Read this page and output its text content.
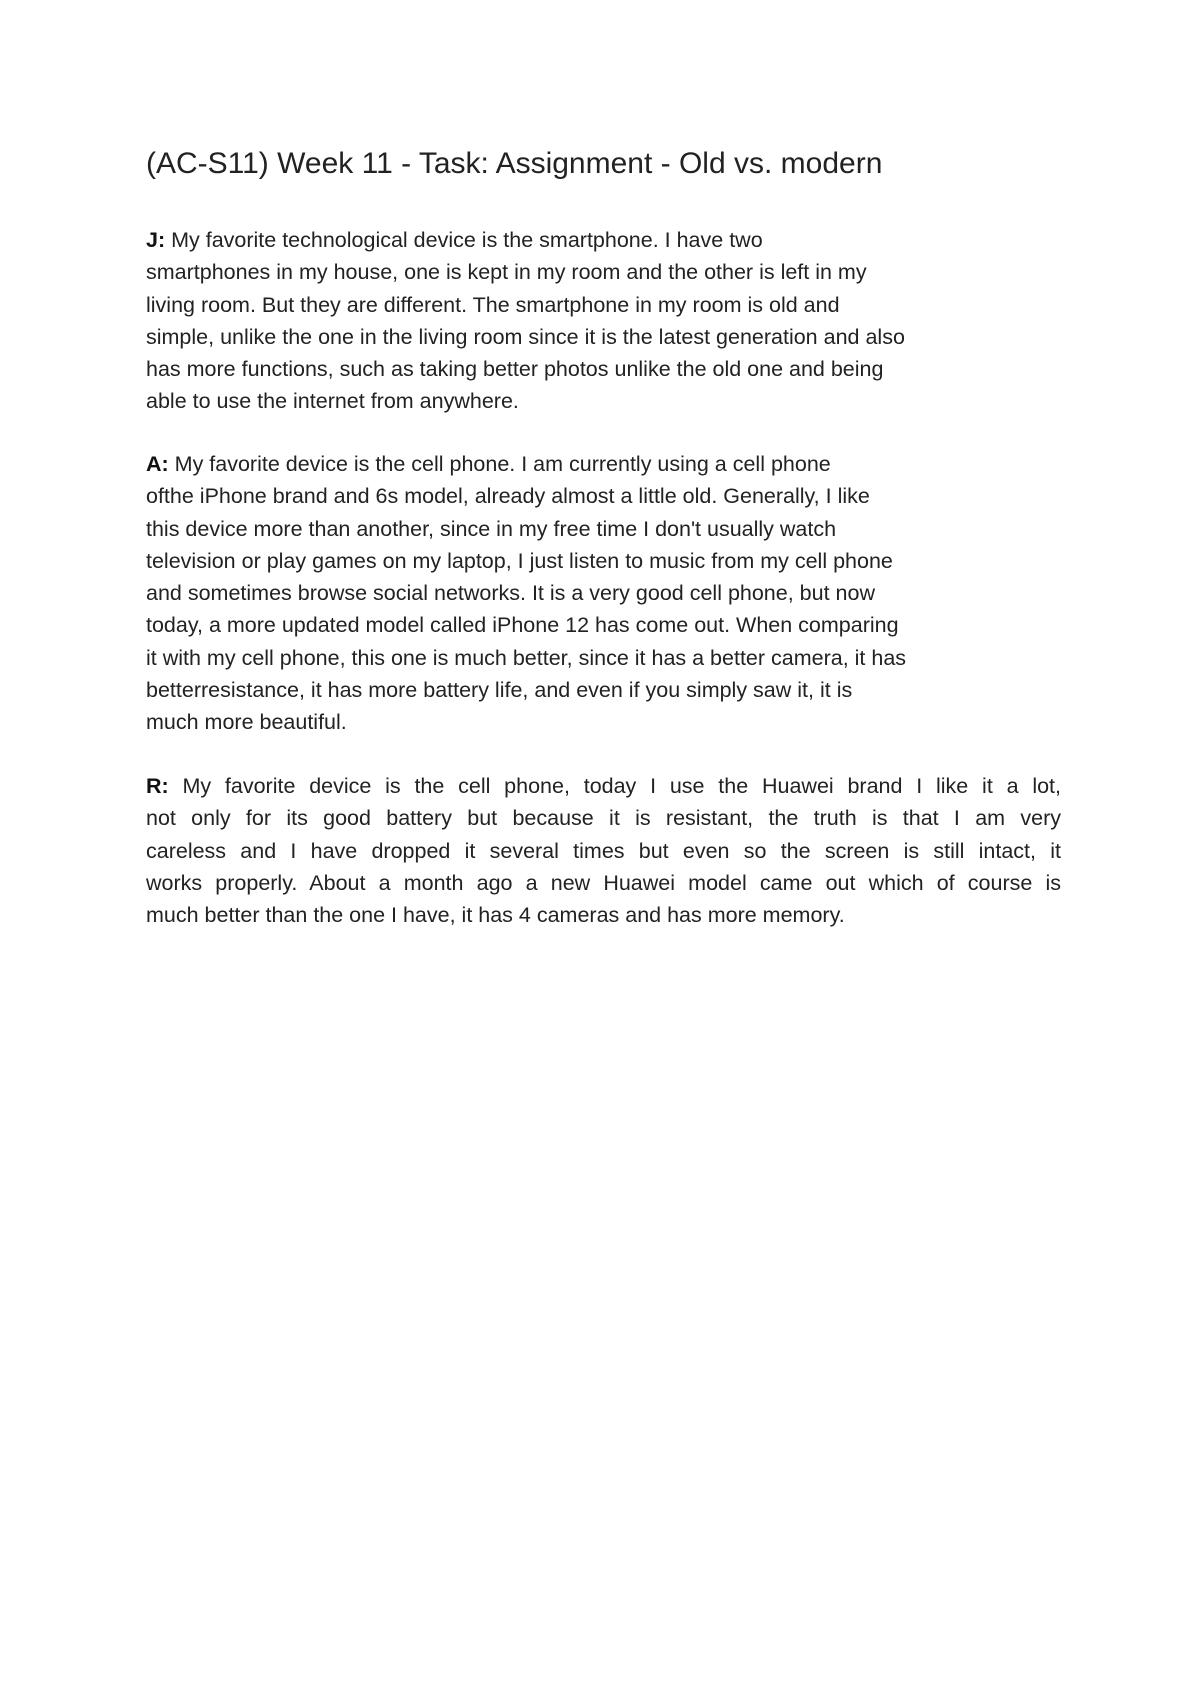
(AC-S11) Week 11 - Task: Assignment - Old vs. modern
J: My favorite technological device is the smartphone. I have two
smartphones in my house, one is kept in my room and the other is left in my
living room. But they are different. The smartphone in my room is old and
simple, unlike the one in the living room since it is the latest generation and also
has more functions, such as taking better photos unlike the old one and being
able to use the internet from anywhere.
A: My favorite device is the cell phone. I am currently using a cell phone
ofthe iPhone brand and 6s model, already almost a little old. Generally, I like
this device more than another, since in my free time I don't usually watch
television or play games on my laptop, I just listen to music from my cell phone
and sometimes browse social networks. It is a very good cell phone, but now
today, a more updated model called iPhone 12 has come out. When comparing
it with my cell phone, this one is much better, since it has a better camera, it has
betterresistance, it has more battery life, and even if you simply saw it, it is
much more beautiful.
R: My favorite device is the cell phone, today I use the Huawei brand I like it a lot,
not only for its good battery but because it is resistant, the truth is that I am very
careless and I have dropped it several times but even so the screen is still intact, it
works properly. About a month ago a new Huawei model came out which of course is
much better than the one I have, it has 4 cameras and has more memory.
